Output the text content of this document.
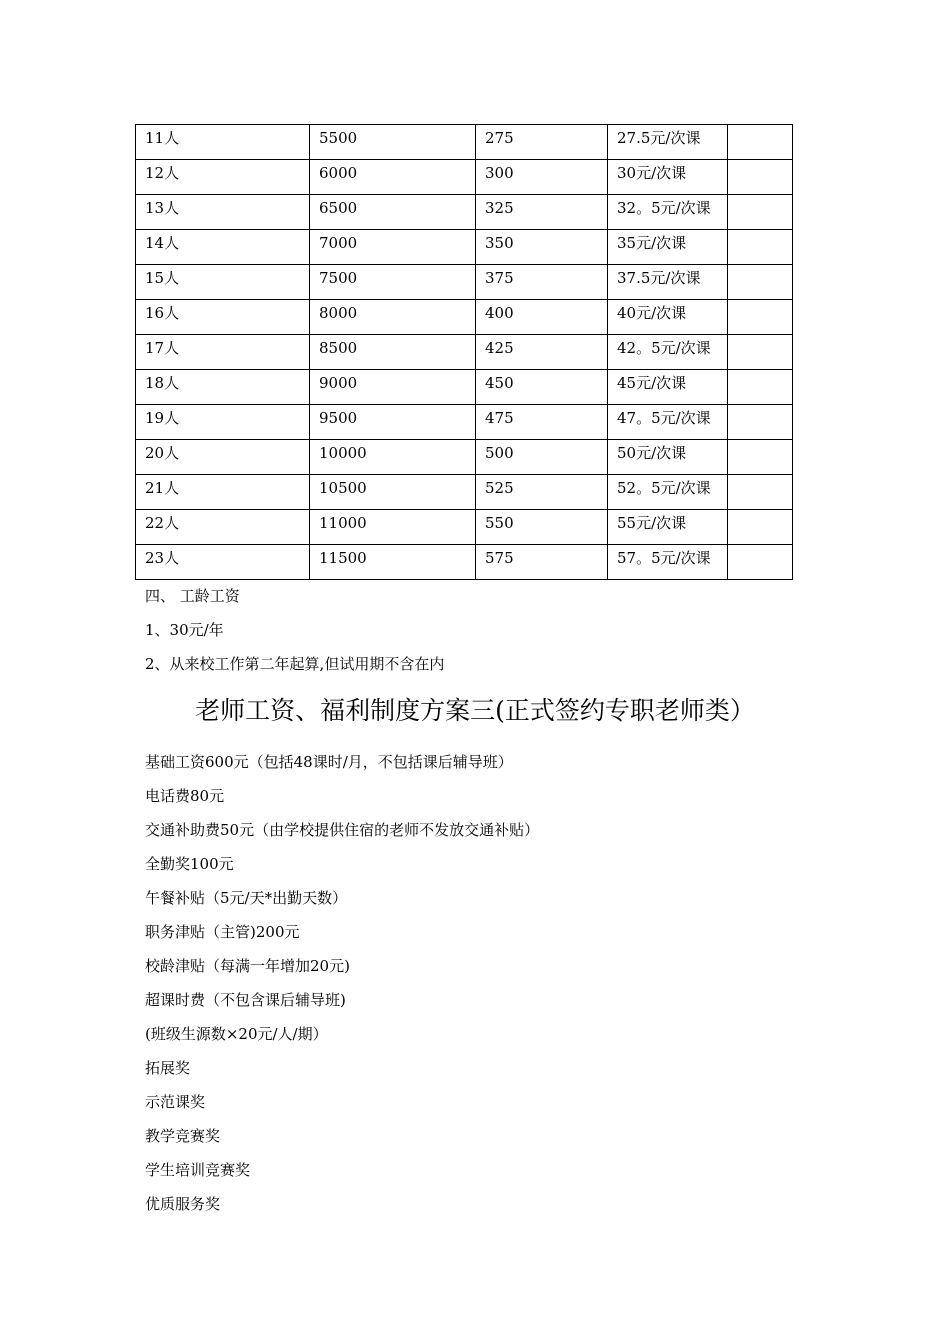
11人	5500	275	27.5元/次课	
12人	6000	300	30元/次课	
13人	6500	325	32。5元/次课	
14人	7000	350	35元/次课	
15人	7500	375	37.5元/次课	
16人	8000	400	40元/次课	
17人	8500	425	42。5元/次课	
18人	9000	450	45元/次课	
19人	9500	475	47。5元/次课	
20人	10000	500	50元/次课	
21人	10500	525	52。5元/次课	
22人	11000	550	55元/次课	
23人	11500	575	57。5元/次课	
四、 工龄工资
1、30元/年
2、从来校工作第二年起算,但试用期不含在内
老师工资、福利制度方案三(正式签约专职老师类）
基础工资600元（包括48课时/月，不包括课后辅导班）
电话费80元
交通补助费50元（由学校提供住宿的老师不发放交通补贴）
全勤奖100元
午餐补贴（5元/天*出勤天数）
职务津贴（主管)200元
校龄津贴（每满一年增加20元)
超课时费（不包含课后辅导班)
(班级生源数×20元/人/期）
拓展奖
示范课奖
教学竞赛奖
学生培训竞赛奖
优质服务奖
